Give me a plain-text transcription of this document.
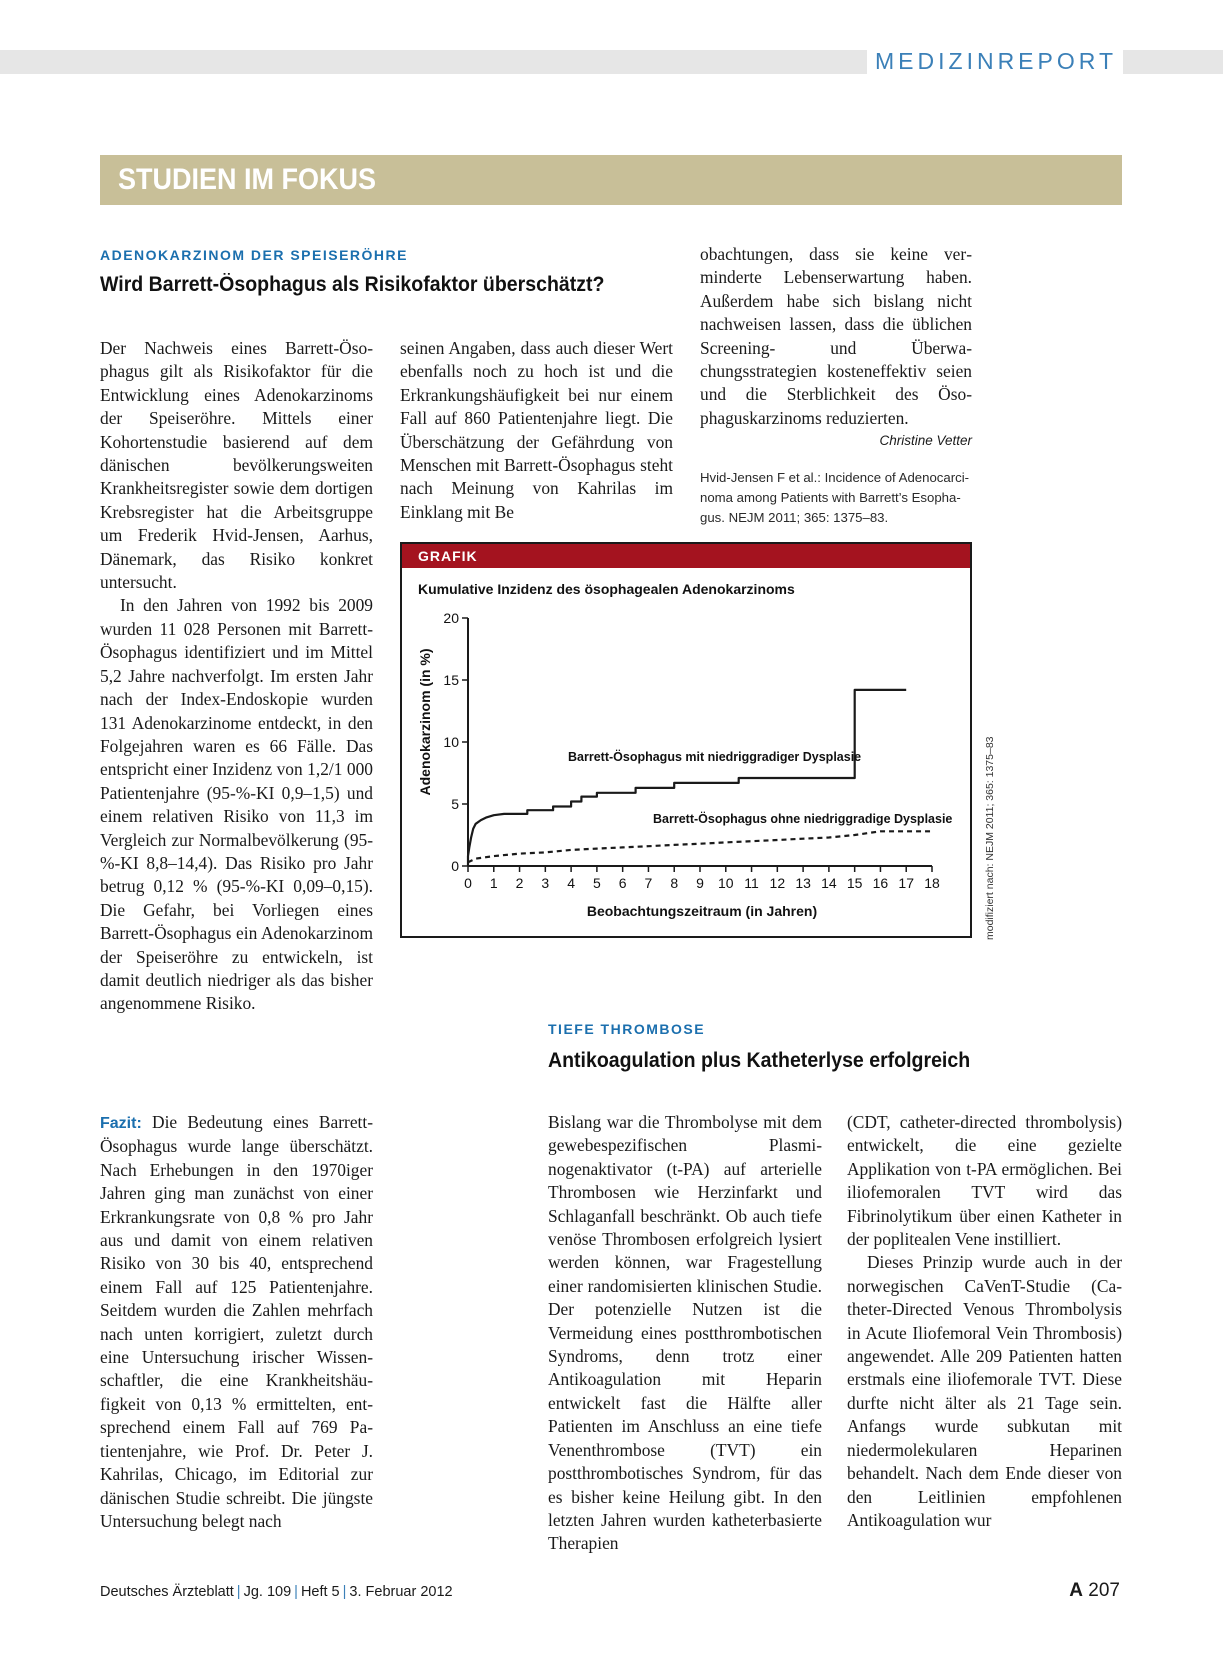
MEDIZINREPORT
STUDIEN IM FOKUS
ADENOKARZINOM DER SPEISERÖHRE
Wird Barrett-Ösophagus als Risikofaktor überschätzt?

Der Nachweis eines Barrett-Ösophagus gilt als Risikofaktor für die Entwicklung eines Adenokarzinoms der Speiseröhre. Mittels einer Kohortenstudie basierend auf dem dänischen bevölkerungsweiten Krankheitsregister sowie dem dortigen Krebsregister hat die Arbeitsgruppe um Frederik Hvid-Jensen, Aarhus, Dänemark, das Risiko konkret untersucht.

In den Jahren von 1992 bis 2009 wurden 11 028 Personen mit Barrett-Ösophagus identifiziert und im Mittel 5,2 Jahre nachverfolgt. Im ersten Jahr nach der Index-Endoskopie wurden 131 Adenokarzinome entdeckt, in den Folgejahren waren es 66 Fälle. Das entspricht einer Inzidenz von 1,2/1 000 Patientenjahre (95-%-KI 0,9–1,5) und einem relativen Risiko von 11,3 im Vergleich zur Normalbevölkerung (95-%-KI 8,8–14,4). Das Risiko pro Jahr betrug 0,12 % (95-%-KI 0,09–0,15). Die Gefahr, bei Vorliegen eines Barrett-Ösophagus ein Adenokarzinom der Speiseröhre zu entwickeln, ist damit deutlich niedriger als das bisher angenommene Risiko.

Fazit: Die Bedeutung eines Barrett-Ösophagus wurde lange überschätzt. Nach Erhebungen in den 1970iger Jahren ging man zunächst von einer Erkrankungsrate von 0,8 % pro Jahr aus und damit von einem relativen Risiko von 30 bis 40, entsprechend einem Fall auf 125 Patientenjahre. Seitdem wurden die Zahlen mehrfach nach unten korrigiert, zuletzt durch eine Untersuchung irischer Wissenschaftler, die eine Krankheitshäufigkeit von 0,13 % ermittelten, entsprechend einem Fall auf 769 Patientenjahre, wie Prof. Dr. Peter J. Kahrilas, Chicago, im Editorial zur dänischen Studie schreibt. Die jüngste Untersuchung belegt nach

seinen Angaben, dass auch dieser Wert ebenfalls noch zu hoch ist und die Erkrankungshäufigkeit bei nur einem Fall auf 860 Patientenjahre liegt. Die Überschätzung der Gefährdung von Menschen mit Barrett-Ösophagus steht nach Meinung von Kahrilas im Einklang mit Be

obachtungen, dass sie keine verminderte Lebenserwartung haben. Außerdem habe sich bislang nicht nachweisen lassen, dass die üblichen Screening- und Überwachungsstrategien kosteneffektiv seien und die Sterblichkeit des Ösophaguskarzinoms reduzierten.

Christine Vetter
Hvid-Jensen F et al.: Incidence of Adenocarcinoma among Patients with Barrett’s Esophagus. NEJM 2011; 365: 1375–83.
GRAFIK
Kumulative Inzidenz des ösophagealen Adenokarzinoms
0
5
10
15
20
0 1 2 3 4 5 6 7 8 9 10 11 12 13 14 15 16 17 18
Beobachtungszeitraum (in Jahren)
Adenokarzinom (in %)	Barrett-Ösophagus mit niedriggradiger Dysplasie
Barrett-Ösophagus ohne niedriggradige Dysplasie	modifiziert nach: NEJM 2011; 365: 1375–83
TIEFE THROMBOSE
Antikoagulation plus Katheterlyse erfolgreich

Bislang war die Thrombolyse mit dem gewebespezifischen Plasminogenaktivator (t-PA) auf arterielle Thrombosen wie Herzinfarkt und Schlaganfall beschränkt. Ob auch tiefe venöse Thrombosen erfolgreich lysiert werden können, war Fragestellung einer randomisierten klinischen Studie. Der potenzielle Nutzen ist die Vermeidung eines postthrombotischen Syndroms, denn trotz einer Antikoagulation mit Heparin entwickelt fast die Hälfte aller Patienten im Anschluss an eine tiefe Venenthrombose (TVT) ein postthrombotisches Syndrom, für das es bisher keine Heilung gibt. In den letzten Jahren wurden katheterbasierte Therapien

(CDT, catheter-directed thrombolysis) entwickelt, die eine gezielte Applikation von t-PA ermöglichen. Bei iliofemoralen TVT wird das Fibrinolytikum über einen Katheter in der poplitealen Vene instilliert.

Dieses Prinzip wurde auch in der norwegischen CaVenT-Studie (Catheter-Directed Venous Thrombolysis in Acute Iliofemoral Vein Thrombosis) angewendet. Alle 209 Patienten hatten erstmals eine iliofemorale TVT. Diese durfte nicht älter als 21 Tage sein. Anfangs wurde subkutan mit niedermolekularen Heparinen behandelt. Nach dem Ende dieser von den Leitlinien empfohlenen Antikoagulation wur

Deutsches Ärzteblatt | Jg. 109 | Heft 5 | 3. Februar 2012	A 207
